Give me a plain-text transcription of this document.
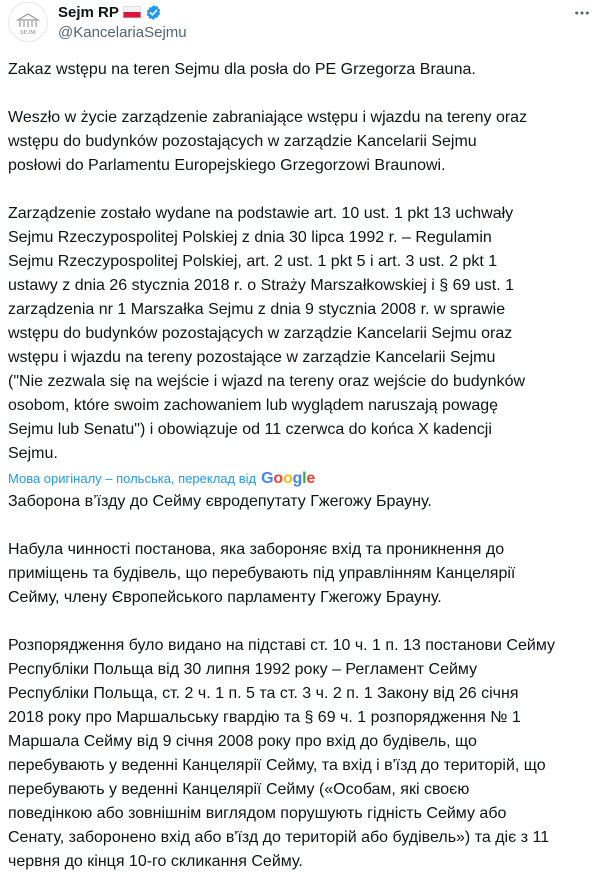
SEJM
Sejm RP
@KancelariaSejmu

Zakaz wstępu na teren Sejmu dla posła do PE Grzegorza Brauna.

Weszło w życie zarządzenie zabraniające wstępu i wjazdu na tereny oraz

wstępu do budynków pozostających w zarządzie Kancelarii Sejmu

posłowi do Parlamentu Europejskiego Grzegorzowi Braunowi.

Zarządzenie zostało wydane na podstawie art. 10 ust. 1 pkt 13 uchwały

Sejmu Rzeczypospolitej Polskiej z dnia 30 lipca 1992 r. – Regulamin

Sejmu Rzeczypospolitej Polskiej, art. 2 ust. 1 pkt 5 i art. 3 ust. 2 pkt 1

ustawy z dnia 26 stycznia 2018 r. o Straży Marszałkowskiej i § 69 ust. 1

zarządzenia nr 1 Marszałka Sejmu z dnia 9 stycznia 2008 r. w sprawie

wstępu do budynków pozostających w zarządzie Kancelarii Sejmu oraz

wstępu i wjazdu na tereny pozostające w zarządzie Kancelarii Sejmu

("Nie zezwala się na wejście i wjazd na tereny oraz wejście do budynków

osobom, które swoim zachowaniem lub wyglądem naruszają powagę

Sejmu lub Senatu") i obowiązuje od 11 czerwca do końca X kadencji

Sejmu.

Мова оригіналу – польська, переклад від Google

Заборона в’їзду до Сейму євродепутату Гжегожу Брауну.

Набула чинності постанова, яка забороняє вхід та проникнення до

приміщень та будівель, що перебувають під управлінням Канцелярії

Сейму, члену Європейського парламенту Гжегожу Брауну.

Розпорядження було видано на підставі ст. 10 ч. 1 п. 13 постанови Сейму

Республіки Польща від 30 липня 1992 року – Регламент Сейму

Республіки Польща, ст. 2 ч. 1 п. 5 та ст. 3 ч. 2 п. 1 Закону від 26 січня

2018 року про Маршальську гвардію та § 69 ч. 1 розпорядження № 1

Маршала Сейму від 9 січня 2008 року про вхід до будівель, що

перебувають у веденні Канцелярії Сейму, та вхід і в'їзд до територій, що

перебувають у веденні Канцелярії Сейму («Особам, які своєю

поведінкою або зовнішнім виглядом порушують гідність Сейму або

Сенату, заборонено вхід або в'їзд до територій або будівель») та діє з 11

червня до кінця 10-го скликання Сейму.
